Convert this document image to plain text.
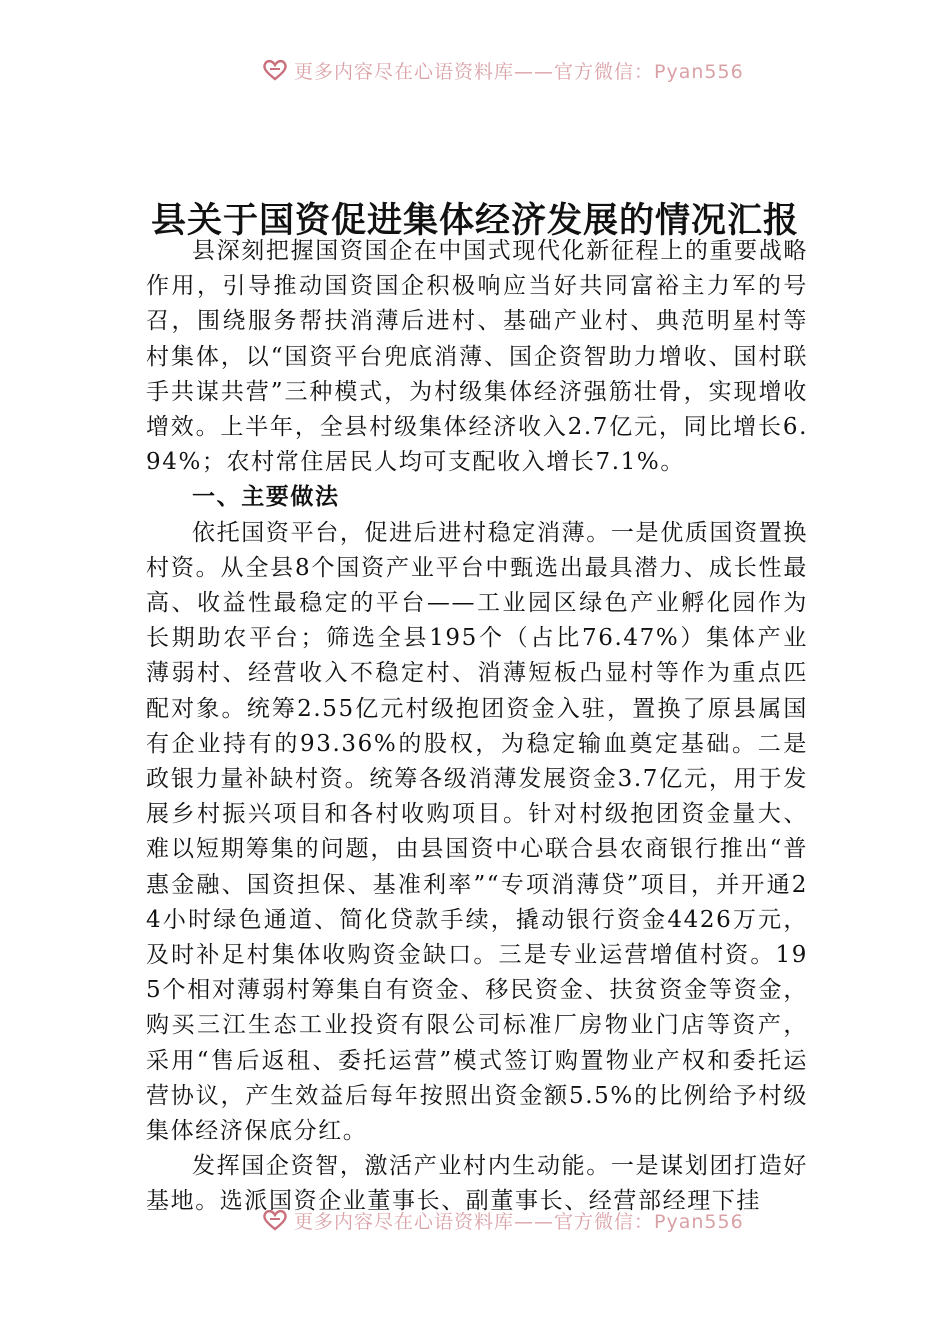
更多内容尽在心语资料库——官方微信：Pyan556
县关于国资促进集体经济发展的情况汇报

县深刻把握国资国企在中国式现代化新征程上的重要战略作用，引导推动国资国企积极响应当好共同富裕主力军的号召，围绕服务帮扶消薄后进村、基础产业村、典范明星村等村集体，以“国资平台兜底消薄、国企资智助力增收、国村联手共谋共营”三种模式，为村级集体经济强筋壮骨，实现增收增效。上半年，全县村级集体经济收入2.7亿元，同比增长6.94%；农村常住居民人均可支配收入增长7.1%。

一、主要做法

依托国资平台，促进后进村稳定消薄。一是优质国资置换村资。从全县8个国资产业平台中甄选出最具潜力、成长性最高、收益性最稳定的平台——工业园区绿色产业孵化园作为长期助农平台；筛选全县195个（占比76.47%）集体产业薄弱村、经营收入不稳定村、消薄短板凸显村等作为重点匹配对象。统筹2.55亿元村级抱团资金入驻，置换了原县属国有企业持有的93.36%的股权，为稳定输血奠定基础。二是政银力量补缺村资。统筹各级消薄发展资金3.7亿元，用于发展乡村振兴项目和各村收购项目。针对村级抱团资金量大、难以短期筹集的问题，由县国资中心联合县农商银行推出“普惠金融、国资担保、基准利率”“专项消薄贷”项目，并开通24小时绿色通道、简化贷款手续，撬动银行资金4426万元，及时补足村集体收购资金缺口。三是专业运营增值村资。195个相对薄弱村筹集自有资金、移民资金、扶贫资金等资金，购买三江生态工业投资有限公司标准厂房物业门店等资产，采用“售后返租、委托运营”模式签订购置物业产权和委托运营协议，产生效益后每年按照出资金额5.5%的比例给予村级集体经济保底分红。

发挥国企资智，激活产业村内生动能。一是谋划团打造好基地。选派国资企业董事长、副董事长、经营部经理下挂

更多内容尽在心语资料库——官方微信：Pyan556
